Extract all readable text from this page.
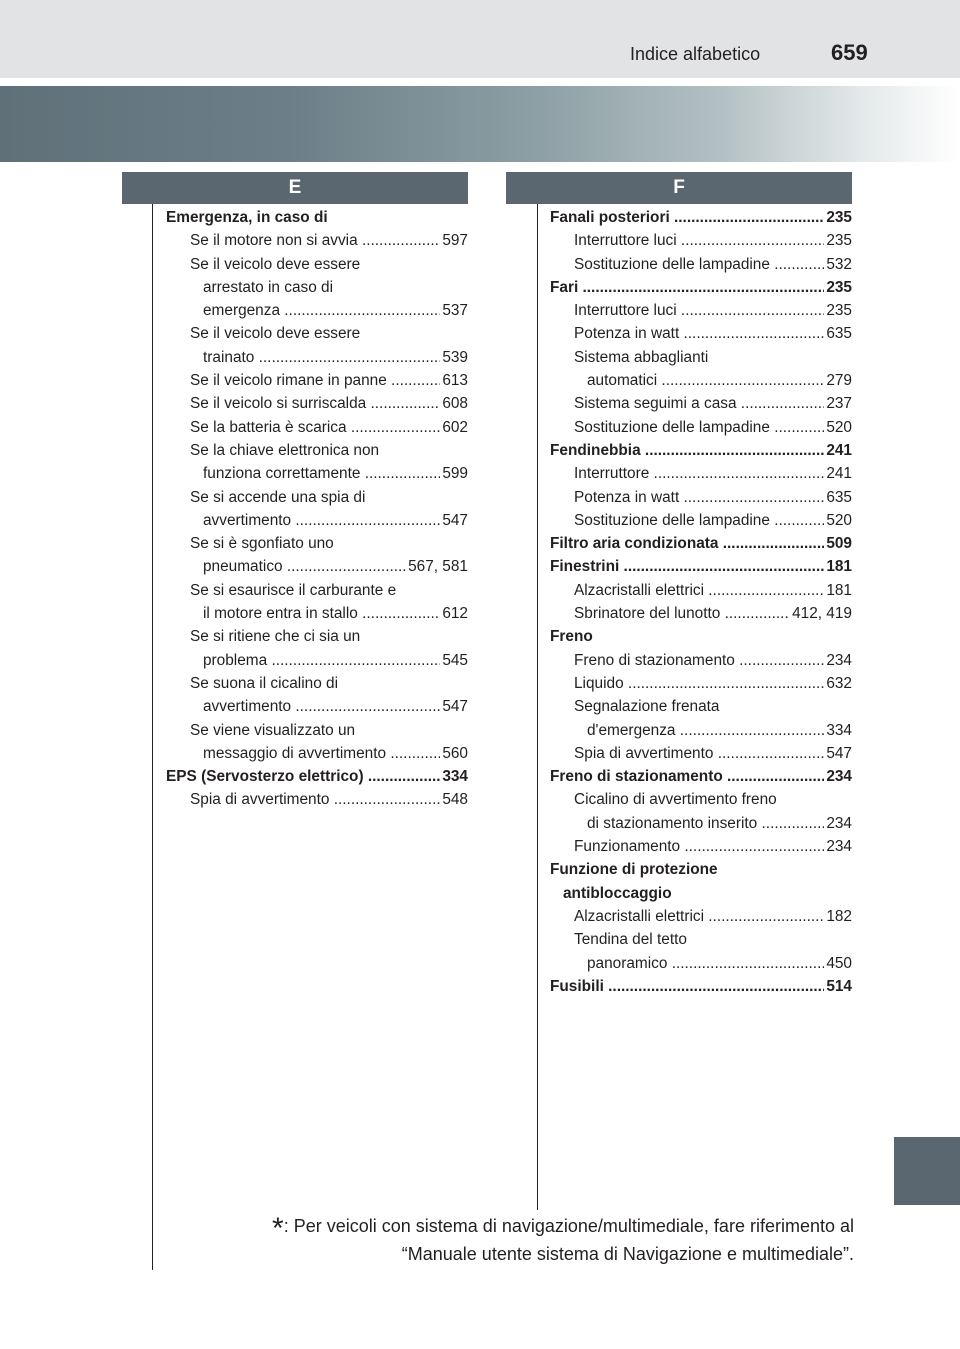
Indice alfabetico	659
E	F
Emergenza, in caso di
Se il motore non si avvia .....	597
Se il veicolo deve essere
arrestato in caso di
emergenza .....	537
Se il veicolo deve essere
trainato .....	539
Se il veicolo rimane in panne .....	613
Se il veicolo si surriscalda .....	608
Se la batteria è scarica .....	602
Se la chiave elettronica non
funziona correttamente .....	599
Se si accende una spia di
avvertimento .....	547
Se si è sgonfiato uno
pneumatico .....	567, 581
Se si esaurisce il carburante e
il motore entra in stallo .....	612
Se si ritiene che ci sia un
problema .....	545
Se suona il cicalino di
avvertimento .....	547
Se viene visualizzato un
messaggio di avvertimento .....	560
EPS (Servosterzo elettrico) .....	334
Spia di avvertimento .....	548
Fanali posteriori .....	235
Interruttore luci .....	235
Sostituzione delle lampadine .....	532
Fari .....	235
Interruttore luci .....	235
Potenza in watt .....	635
Sistema abbaglianti
automatici .....	279
Sistema seguimi a casa .....	237
Sostituzione delle lampadine .....	520
Fendinebbia .....	241
Interruttore .....	241
Potenza in watt .....	635
Sostituzione delle lampadine .....	520
Filtro aria condizionata .....	509
Finestrini .....	181
Alzacristalli elettrici .....	181
Sbrinatore del lunotto .....	412, 419
Freno
Freno di stazionamento .....	234
Liquido .....	632
Segnalazione frenata
d'emergenza .....	334
Spia di avvertimento .....	547
Freno di stazionamento .....	234
Cicalino di avvertimento freno
di stazionamento inserito .....	234
Funzionamento .....	234
Funzione di protezione
antibloccaggio
Alzacristalli elettrici .....	182
Tendina del tetto
panoramico .....	450
Fusibili .....	514
*: Per veicoli con sistema di navigazione/multimediale, fare riferimento al
“Manuale utente sistema di Navigazione e multimediale”.
